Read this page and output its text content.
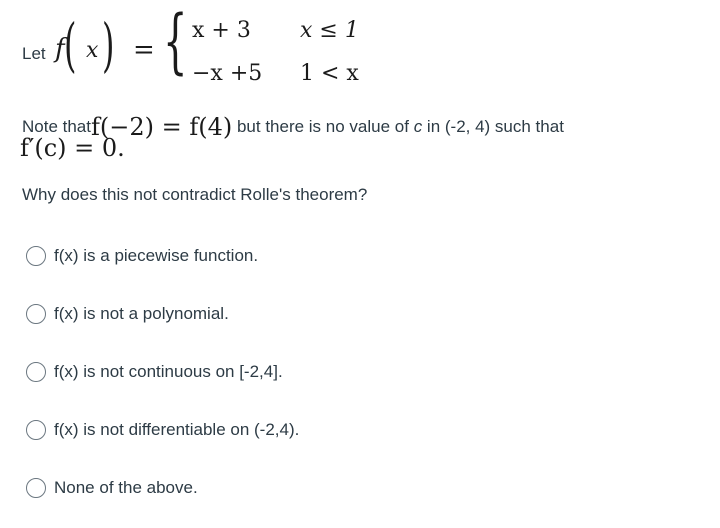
Let f ( x ) = { x + 3 x ≤ 1
−x +5 1 < x
Note thatf(−2) = f(4) but there is no value of c in (-2, 4) such that
f′(c) = 0.
Why does this not contradict Rolle's theorem?
f(x) is a piecewise function.
f(x) is not a polynomial.
f(x) is not continuous on [-2,4].
f(x) is not differentiable on (-2,4).
None of the above.
